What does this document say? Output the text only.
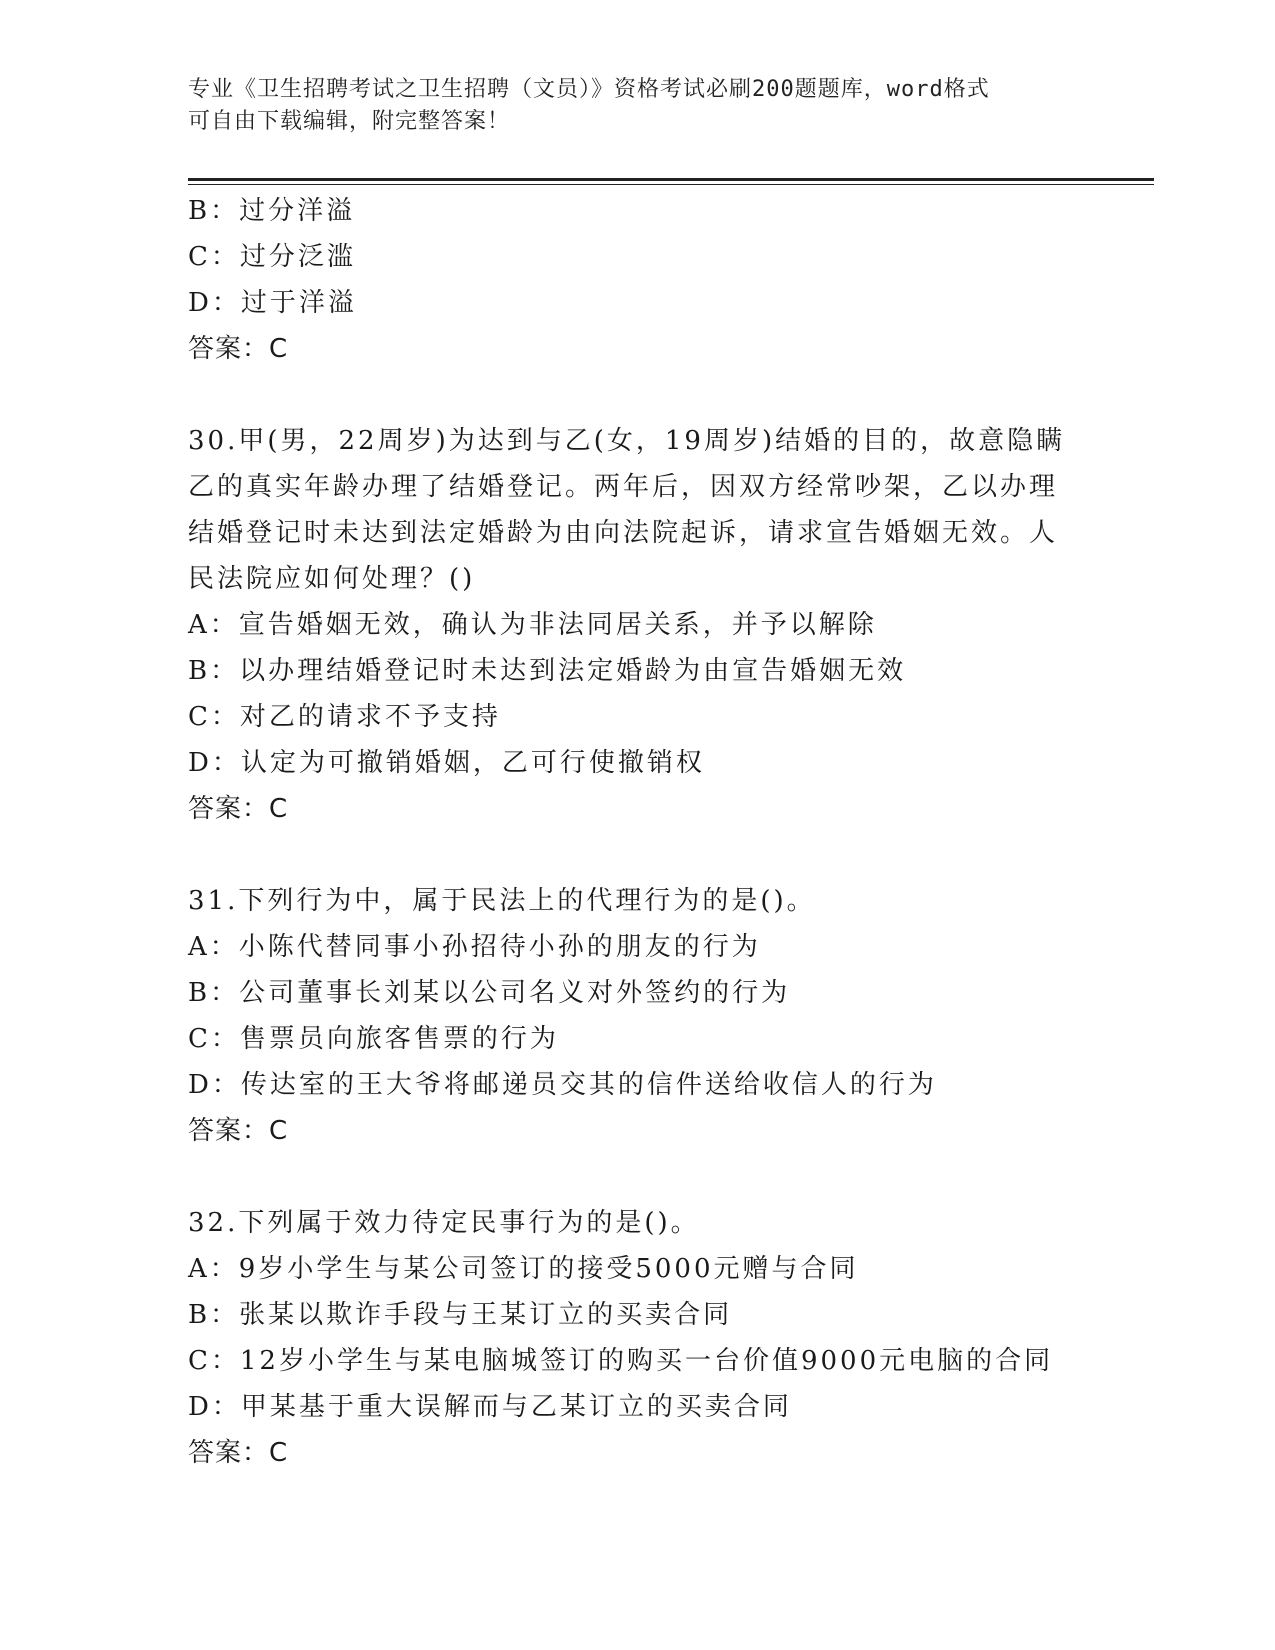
专业《卫生招聘考试之卫生招聘（文员）》资格考试必刷200题题库，word格式
可自由下载编辑，附完整答案！
B：过分洋溢
C：过分泛滥
D：过于洋溢
答案：C
30.甲(男，22周岁)为达到与乙(女，19周岁)结婚的目的，故意隐瞒
乙的真实年龄办理了结婚登记。两年后，因双方经常吵架，乙以办理
结婚登记时未达到法定婚龄为由向法院起诉，请求宣告婚姻无效。人
民法院应如何处理？()
A：宣告婚姻无效，确认为非法同居关系，并予以解除
B：以办理结婚登记时未达到法定婚龄为由宣告婚姻无效
C：对乙的请求不予支持
D：认定为可撤销婚姻，乙可行使撤销权
答案：C
31.下列行为中，属于民法上的代理行为的是()。
A：小陈代替同事小孙招待小孙的朋友的行为
B：公司董事长刘某以公司名义对外签约的行为
C：售票员向旅客售票的行为
D：传达室的王大爷将邮递员交其的信件送给收信人的行为
答案：C
32.下列属于效力待定民事行为的是()。
A：9岁小学生与某公司签订的接受5000元赠与合同
B：张某以欺诈手段与王某订立的买卖合同
C：12岁小学生与某电脑城签订的购买一台价值9000元电脑的合同
D：甲某基于重大误解而与乙某订立的买卖合同
答案：C
